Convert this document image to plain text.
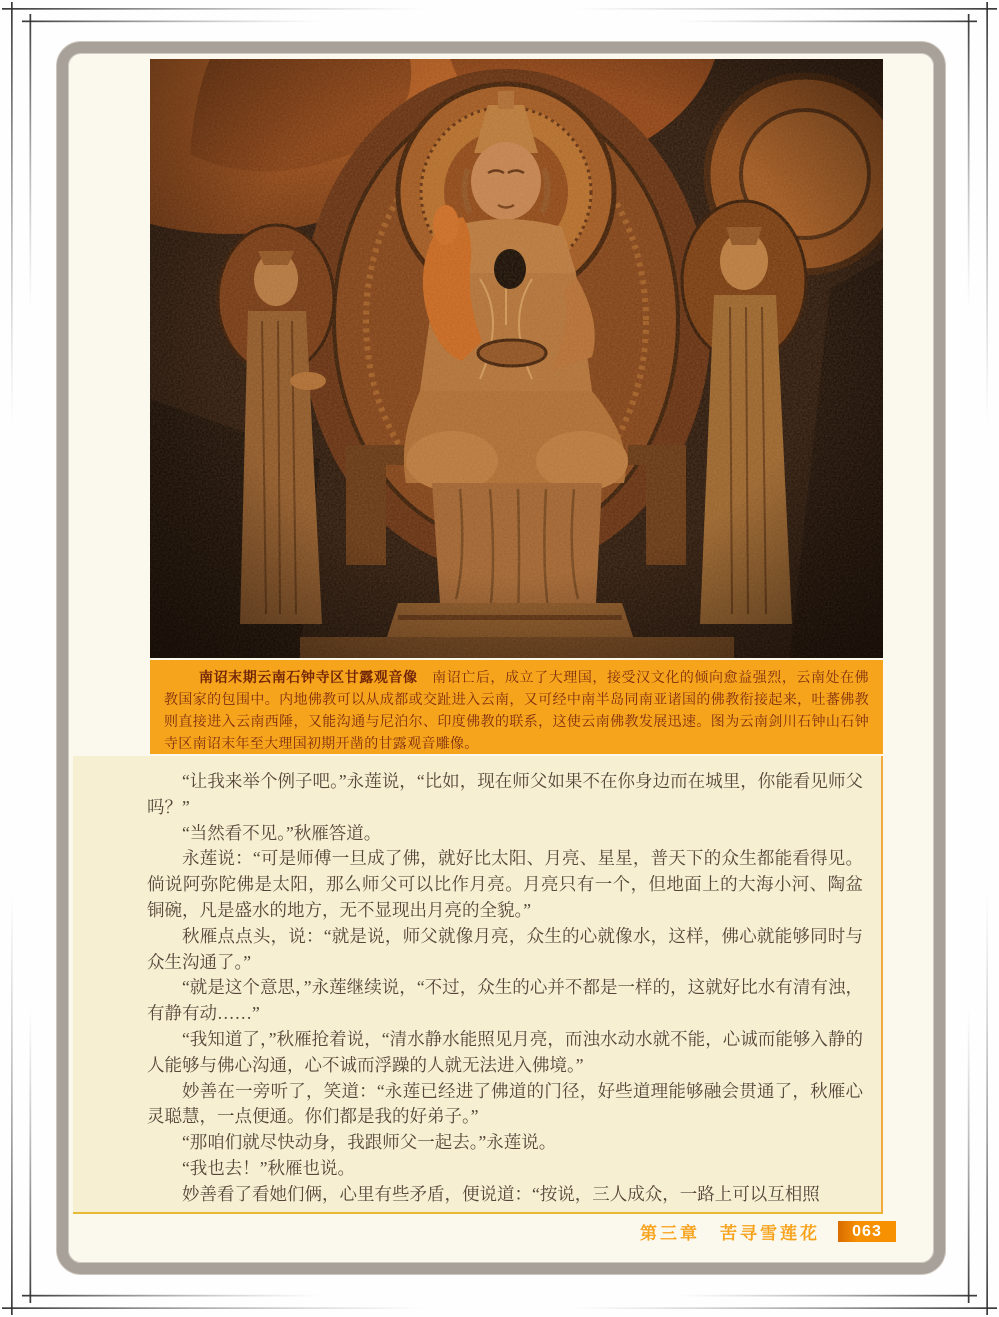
南诏末期云南石钟寺区甘露观音像　南诏亡后，成立了大理国，接受汉文化的倾向愈益强烈，云南处在佛教国家的包围中。内地佛教可以从成都或交趾进入云南，又可经中南半岛同南亚诸国的佛教衔接起来，吐蕃佛教则直接进入云南西陲，又能沟通与尼泊尔、印度佛教的联系，这使云南佛教发展迅速。图为云南剑川石钟山石钟寺区南诏末年至大理国初期开凿的甘露观音雕像。

“让我来举个例子吧。”永莲说，“比如，现在师父如果不在你身边而在城里，你能看见师父吗？”

“当然看不见。”秋雁答道。

永莲说：“可是师傅一旦成了佛，就好比太阳、月亮、星星，普天下的众生都能看得见。倘说阿弥陀佛是太阳，那么师父可以比作月亮。月亮只有一个，但地面上的大海小河、陶盆铜碗，凡是盛水的地方，无不显现出月亮的全貌。”

秋雁点点头，说：“就是说，师父就像月亮，众生的心就像水，这样，佛心就能够同时与众生沟通了。”

“就是这个意思，”永莲继续说，“不过，众生的心并不都是一样的，这就好比水有清有浊，有静有动……”

“我知道了，”秋雁抢着说，“清水静水能照见月亮，而浊水动水就不能，心诚而能够入静的人能够与佛心沟通，心不诚而浮躁的人就无法进入佛境。”

妙善在一旁听了，笑道：“永莲已经进了佛道的门径，好些道理能够融会贯通了，秋雁心灵聪慧，一点便通。你们都是我的好弟子。”

“那咱们就尽快动身，我跟师父一起去。”永莲说。

“我也去！”秋雁也说。

妙善看了看她们俩，心里有些矛盾，便说道：“按说，三人成众，一路上可以互相照

第三章　苦寻雪莲花	063
